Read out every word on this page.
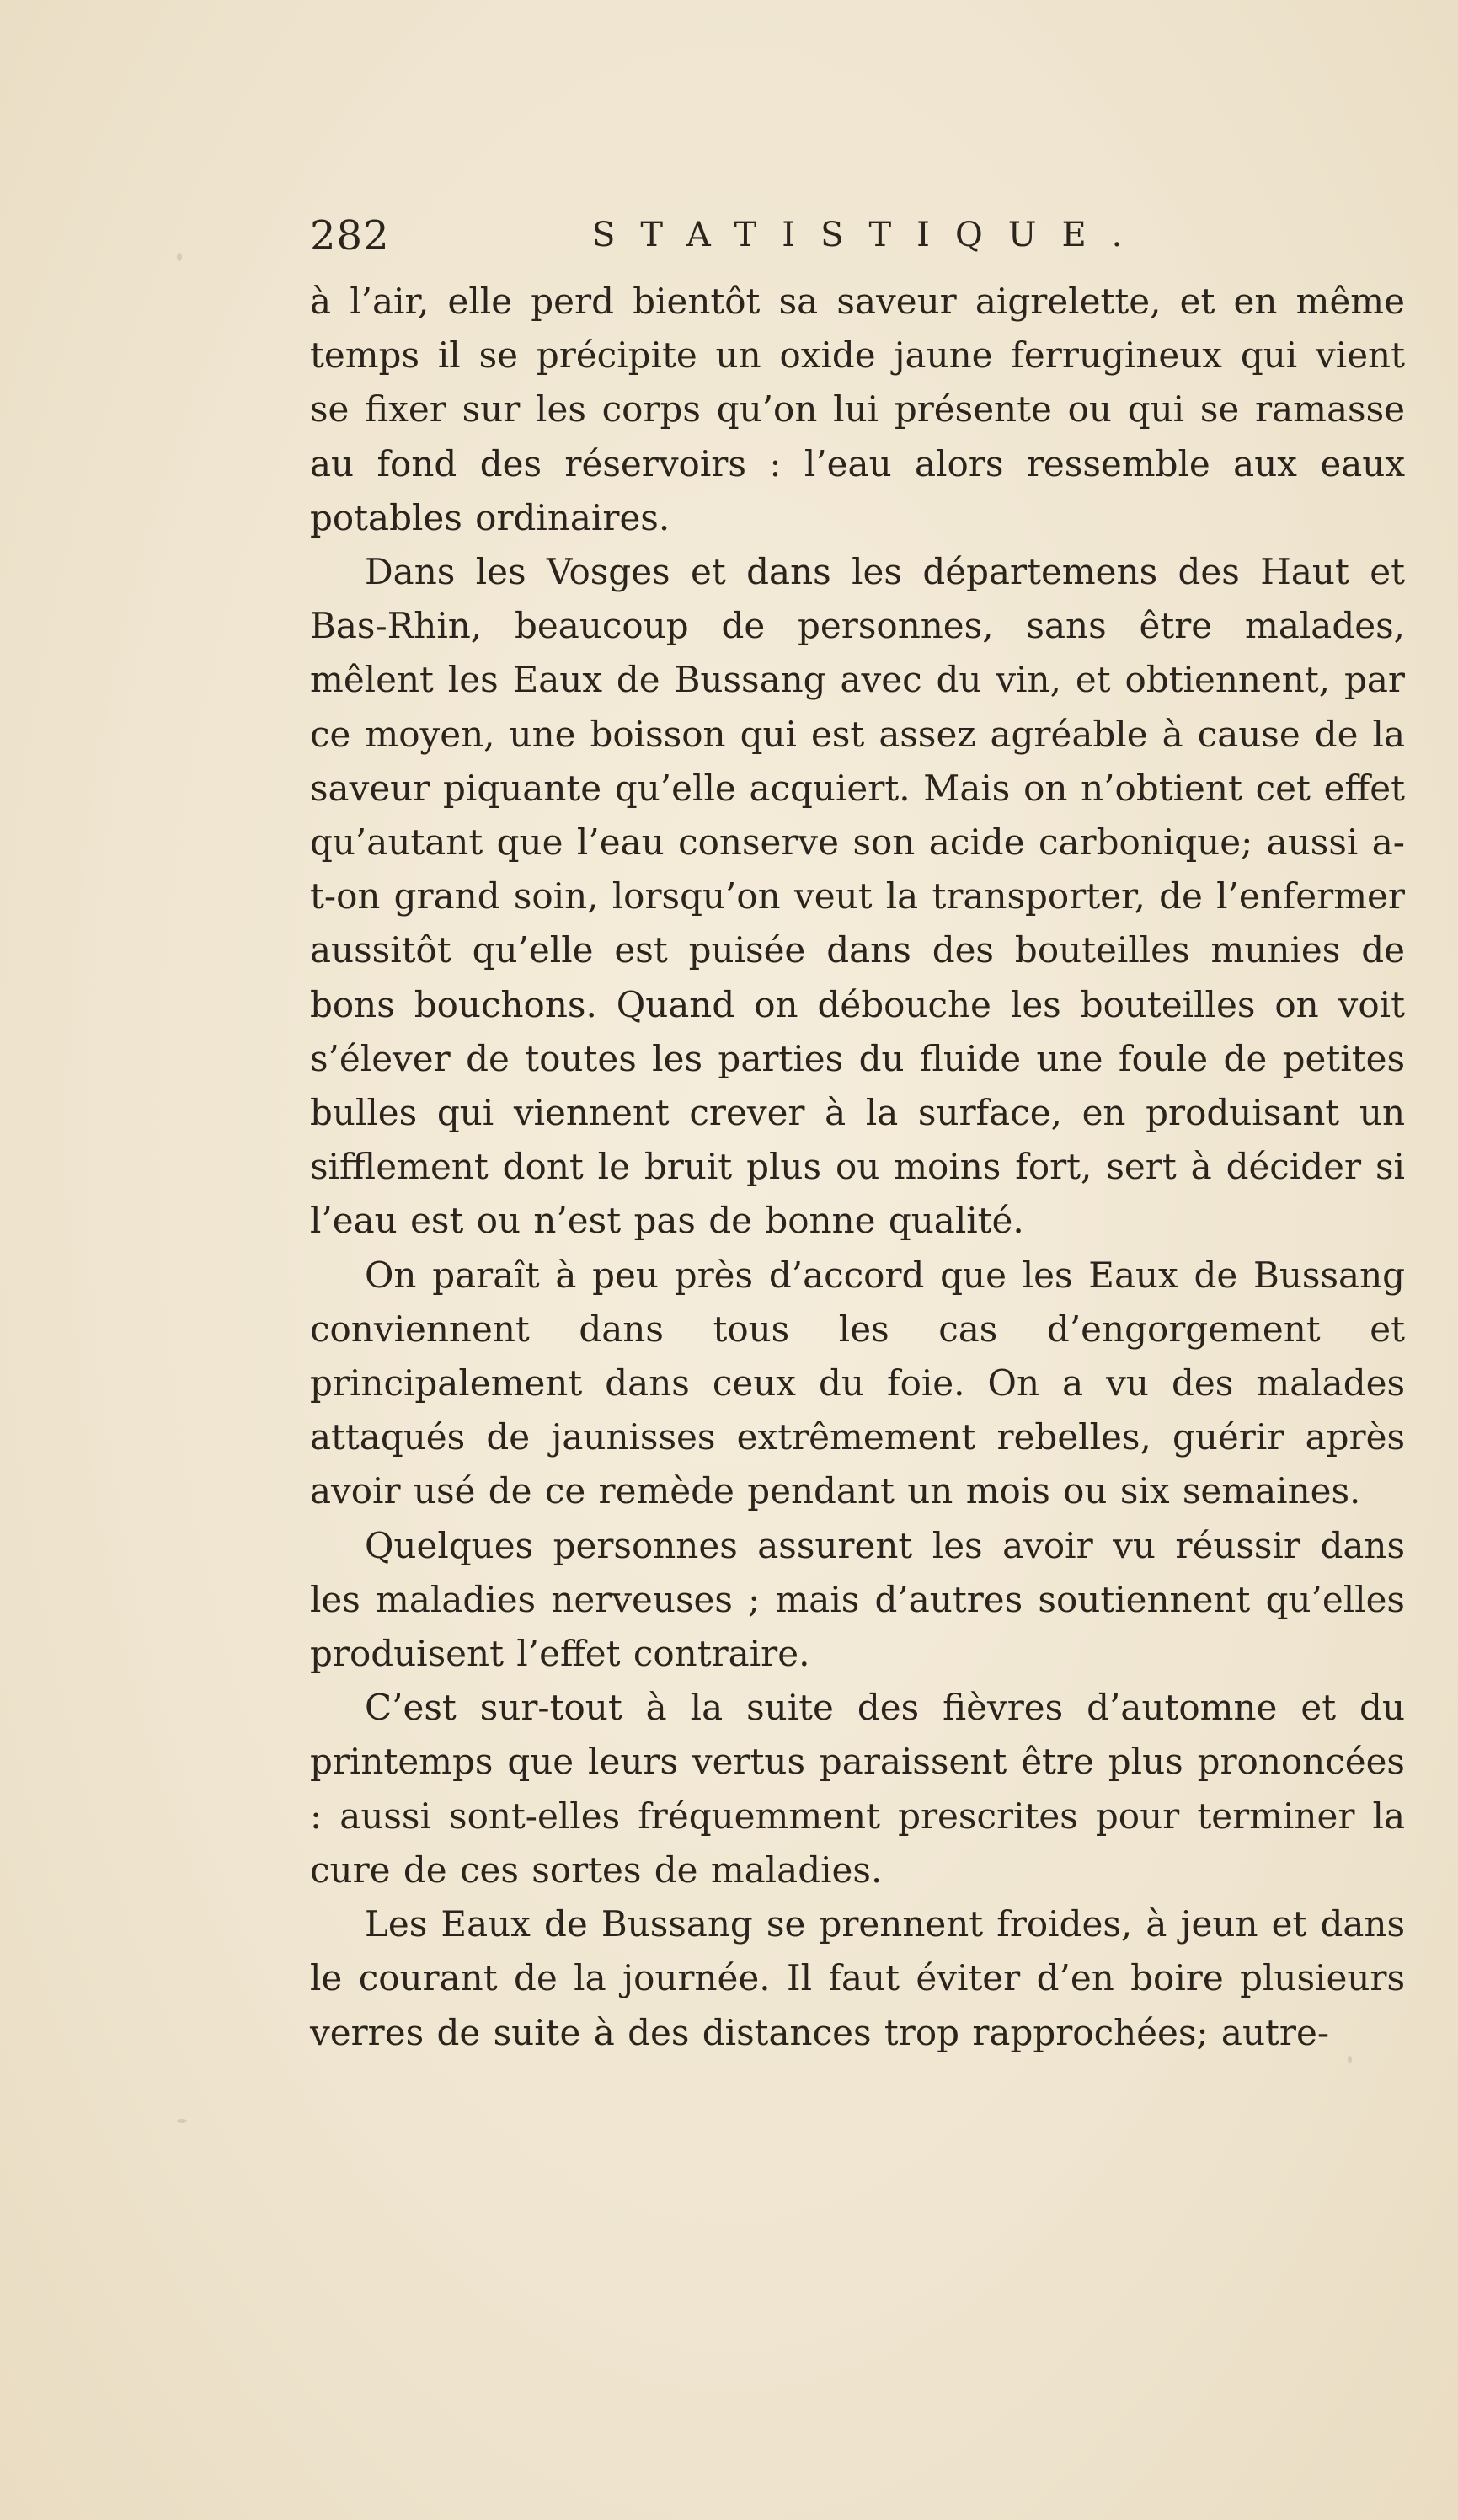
282	STATISTIQUE.

à l’air, elle perd bientôt sa saveur aigrelette, et en même temps il se précipite un oxide jaune ferrugineux qui vient se fixer sur les corps qu’on lui présente ou qui se ramasse au fond des réservoirs : l’eau alors ressemble aux eaux potables ordinaires.

Dans les Vosges et dans les départemens des Haut et Bas-Rhin, beaucoup de personnes, sans être malades, mêlent les Eaux de Bussang avec du vin, et obtiennent, par ce moyen, une boisson qui est assez agréable à cause de la saveur piquante qu’elle acquiert. Mais on n’obtient cet effet qu’autant que l’eau conserve son acide carbonique; aussi a-t-on grand soin, lorsqu’on veut la transporter, de l’enfermer aussitôt qu’elle est puisée dans des bouteilles munies de bons bouchons. Quand on débouche les bouteilles on voit s’élever de toutes les parties du fluide une foule de petites bulles qui viennent crever à la surface, en produisant un sifflement dont le bruit plus ou moins fort, sert à décider si l’eau est ou n’est pas de bonne qualité.

On paraît à peu près d’accord que les Eaux de Bussang conviennent dans tous les cas d’engorgement et principalement dans ceux du foie. On a vu des malades attaqués de jaunisses extrêmement rebelles, guérir après avoir usé de ce remède pendant un mois ou six semaines.

Quelques personnes assurent les avoir vu réussir dans les maladies nerveuses ; mais d’autres soutiennent qu’elles produisent l’effet contraire.

C’est sur-tout à la suite des fièvres d’automne et du printemps que leurs vertus paraissent être plus prononcées : aussi sont-elles fréquemment prescrites pour terminer la cure de ces sortes de maladies.

Les Eaux de Bussang se prennent froides, à jeun et dans le courant de la journée. Il faut éviter d’en boire plusieurs verres de suite à des distances trop rapprochées; autre-
